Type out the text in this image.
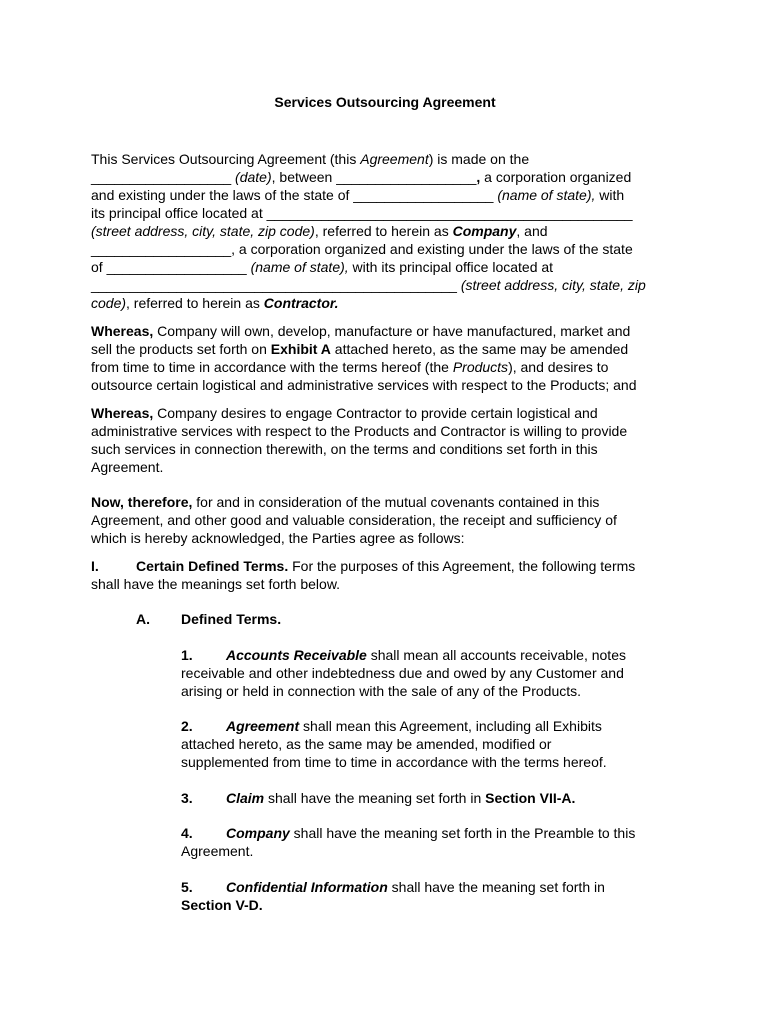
Services Outsourcing Agreement
This Services Outsourcing Agreement (this Agreement) is made on the
__________________ (date), between __________________, a corporation organized
and existing under the laws of the state of __________________ (name of state), with
its principal office located at _______________________________________________
(street address, city, state, zip code), referred to herein as Company, and
__________________, a corporation organized and existing under the laws of the state
of __________________ (name of state), with its principal office located at
_______________________________________________ (street address, city, state, zip
code), referred to herein as Contractor.
Whereas, Company will own, develop, manufacture or have manufactured, market and
sell the products set forth on Exhibit A attached hereto, as the same may be amended
from time to time in accordance with the terms hereof (the Products), and desires to
outsource certain logistical and administrative services with respect to the Products; and
Whereas, Company desires to engage Contractor to provide certain logistical and
administrative services with respect to the Products and Contractor is willing to provide
such services in connection therewith, on the terms and conditions set forth in this
Agreement.
Now, therefore, for and in consideration of the mutual covenants contained in this
Agreement, and other good and valuable consideration, the receipt and sufficiency of
which is hereby acknowledged, the Parties agree as follows:
I.	Certain Defined Terms. For the purposes of this Agreement, the following terms
shall have the meanings set forth below.
A. Defined Terms.
1. Accounts Receivable shall mean all accounts receivable, notes
receivable and other indebtedness due and owed by any Customer and
arising or held in connection with the sale of any of the Products.
2. Agreement shall mean this Agreement, including all Exhibits
attached hereto, as the same may be amended, modified or
supplemented from time to time in accordance with the terms hereof.
3. Claim shall have the meaning set forth in Section VII-A.
4. Company shall have the meaning set forth in the Preamble to this
Agreement.
5. Confidential Information shall have the meaning set forth in
Section V-D.
